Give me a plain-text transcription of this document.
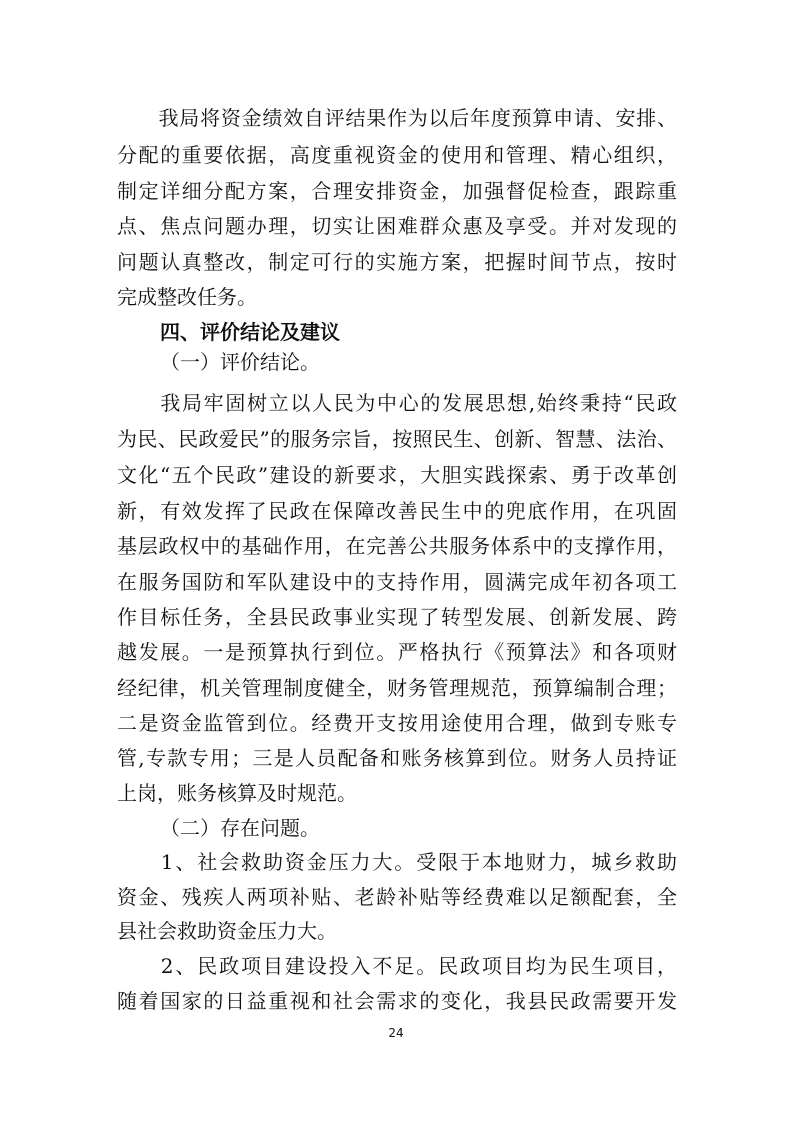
　　我局将资金绩效自评结果作为以后年度预算申请、安排、
分配的重要依据，高度重视资金的使用和管理、精心组织，
制定详细分配方案，合理安排资金，加强督促检查，跟踪重
点、焦点问题办理，切实让困难群众惠及享受。并对发现的
问题认真整改，制定可行的实施方案，把握时间节点，按时
完成整改任务。
四、评价结论及建议
（一）评价结论。
　　我局牢固树立以人民为中心的发展思想,始终秉持“民政
为民、民政爱民”的服务宗旨，按照民生、创新、智慧、法治、
文化“五个民政”建设的新要求，大胆实践探索、勇于改革创
新，有效发挥了民政在保障改善民生中的兜底作用，在巩固
基层政权中的基础作用，在完善公共服务体系中的支撑作用，
在服务国防和军队建设中的支持作用，圆满完成年初各项工
作目标任务，全县民政事业实现了转型发展、创新发展、跨
越发展。一是预算执行到位。严格执行《预算法》和各项财
经纪律，机关管理制度健全，财务管理规范，预算编制合理；
二是资金监管到位。经费开支按用途使用合理，做到专账专
管,专款专用；三是人员配备和账务核算到位。财务人员持证
上岗，账务核算及时规范。
（二）存在问题。
　　1、社会救助资金压力大。受限于本地财力，城乡救助
资金、残疾人两项补贴、老龄补贴等经费难以足额配套，全
县社会救助资金压力大。
　　2、民政项目建设投入不足。民政项目均为民生项目，
随着国家的日益重视和社会需求的变化，我县民政需要开发
24
